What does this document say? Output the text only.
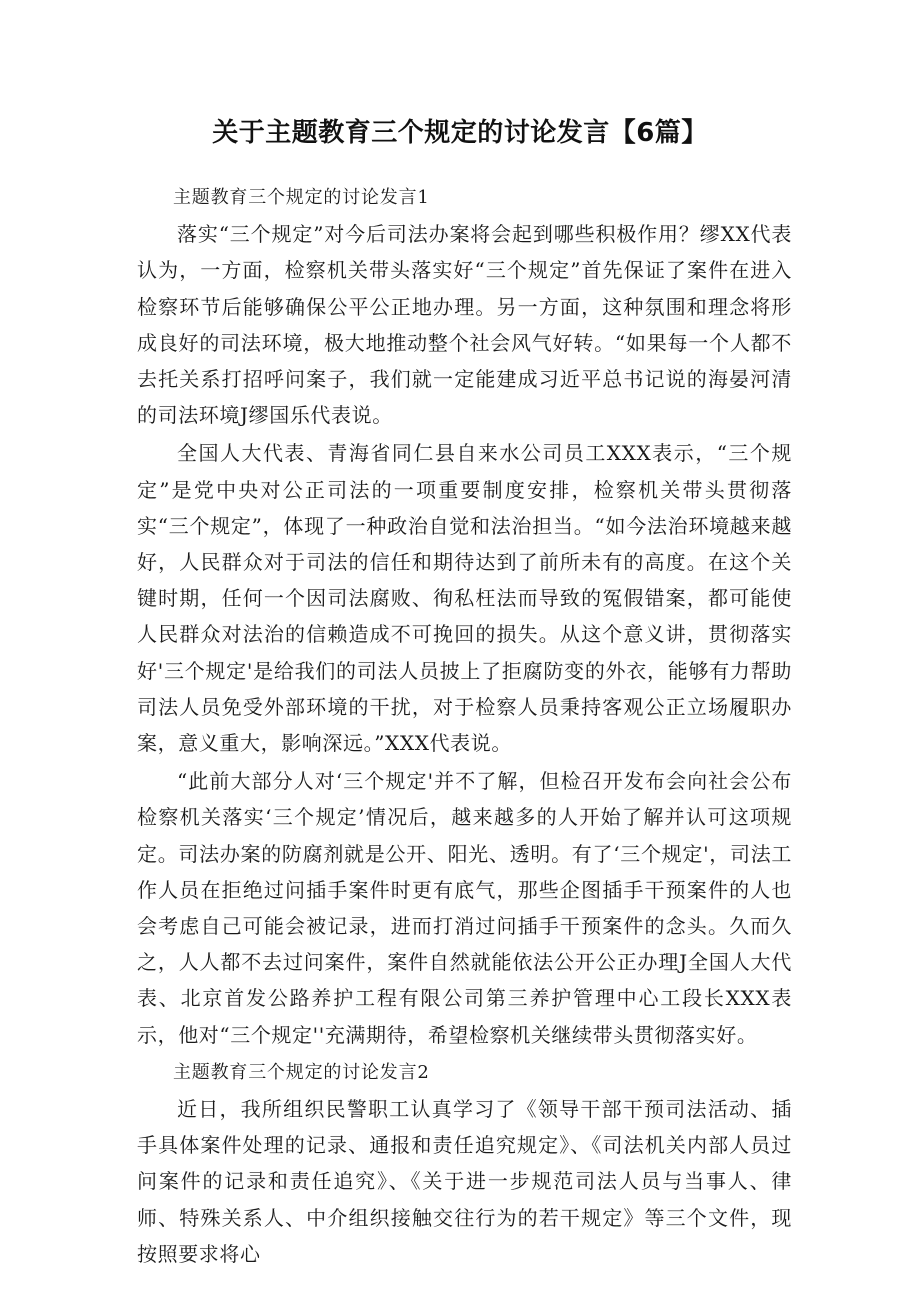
关于主题教育三个规定的讨论发言【6篇】

主题教育三个规定的讨论发言1

落实“三个规定”对今后司法办案将会起到哪些积极作用？缪XX代表认为，一方面，检察机关带头落实好“三个规定”首先保证了案件在进入检察环节后能够确保公平公正地办理。另一方面，这种氛围和理念将形成良好的司法环境，极大地推动整个社会风气好转。“如果每一个人都不去托关系打招呼问案子，我们就一定能建成习近平总书记说的海晏河清的司法环境J缪国乐代表说。

全国人大代表、青海省同仁县自来水公司员工XXX表示，“三个规定”是党中央对公正司法的一项重要制度安排，检察机关带头贯彻落实“三个规定”，体现了一种政治自觉和法治担当。“如今法治环境越来越好，人民群众对于司法的信任和期待达到了前所未有的高度。在这个关键时期，任何一个因司法腐败、徇私枉法而导致的冤假错案，都可能使人民群众对法治的信赖造成不可挽回的损失。从这个意义讲，贯彻落实好'三个规定'是给我们的司法人员披上了拒腐防变的外衣，能够有力帮助司法人员免受外部环境的干扰，对于检察人员秉持客观公正立场履职办案，意义重大，影响深远。”XXX代表说。

“此前大部分人对‘三个规定'并不了解，但检召开发布会向社会公布检察机关落实‘三个规定’情况后，越来越多的人开始了解并认可这项规定。司法办案的防腐剂就是公开、阳光、透明。有了‘三个规定'，司法工作人员在拒绝过问插手案件时更有底气，那些企图插手干预案件的人也会考虑自己可能会被记录，进而打消过问插手干预案件的念头。久而久之，人人都不去过问案件，案件自然就能依法公开公正办理J全国人大代表、北京首发公路养护工程有限公司第三养护管理中心工段长XXX表示，他对“三个规定''充满期待，希望检察机关继续带头贯彻落实好。

主题教育三个规定的讨论发言2

近日，我所组织民警职工认真学习了《领导干部干预司法活动、插手具体案件处理的记录、通报和责任追究规定》、《司法机关内部人员过问案件的记录和责任追究》、《关于进一步规范司法人员与当事人、律师、特殊关系人、中介组织接触交往行为的若干规定》等三个文件，现按照要求将心
